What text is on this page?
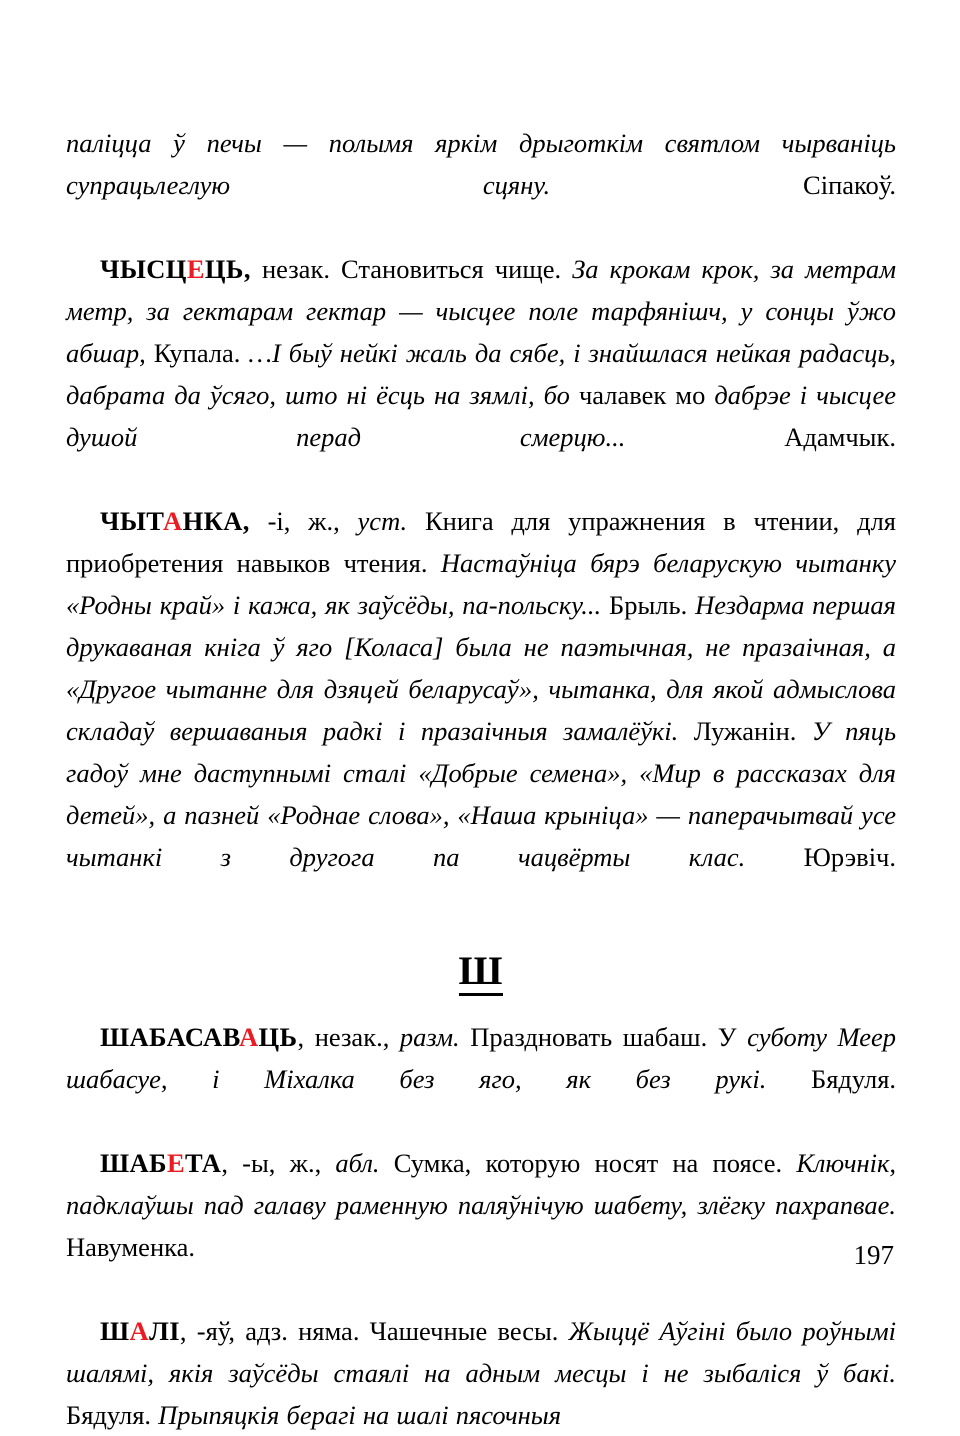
паліцца ў печы — полымя яркім дрыготкім святлом чырваніць супрацьлеглую сцяну.	Сіпакоў.

ЧЫСЦЕЦЬ, незак. Становиться чище. За крокам крок, за метрам метр, за гектарам гектар — чысцее поле тарфянішч, у сонцы ўжо абшар, Купала. …І быў нейкі жаль да сябе, і знайшлася нейкая радасць, дабрата да ўсяго, што ні ёсць на зямлі, бо чалавек мо дабрэе і чысцее душой перад смерцю...	Адамчык.

ЧЫТАНКА, -і, ж., уст. Книга для упражнения в чтении, для приобретения навыков чтения. Настаўніца бярэ беларускую чытанку «Родны край» і кажа, як заўсёды, па-польску... Брыль. Нездарма першая друкаваная кніга ў яго [Коласа] была не паэтычная, не празаічная, а «Другое чытанне для дзяцей беларусаў», чытанка, для якой адмыслова складаў вершаваныя радкі і празаічныя замалёўкі. Лужанін. У пяць гадоў мне даступнымі сталі «Добрые семена», «Мир в рассказах для детей», а пазней «Роднае слова», «Наша крыніца» — паперачытвай усе чытанкі з другога па чацвёрты клас. Юрэвіч.

Ш

ШАБАСАВАЦЬ, незак., разм. Праздновать шабаш. У суботу Меер шабасуе, і Міхалка без яго, як без рукі. Бядуля.

ШАБЕТА, -ы, ж., абл. Сумка, которую носят на поясе. Ключнік, падклаўшы пад галаву раменную паляўнічую шабету, злёгку пахрапвае. Навуменка.

ШАЛІ, -яў, адз. няма. Чашечные весы. Жыццё Аўгіні было роўнымі шалямі, якія заўсёды стаялі на адным месцы і не зыбаліся ў бакі. Бядуля. Прыпяцкія берагі на шалі пясочныя

197
